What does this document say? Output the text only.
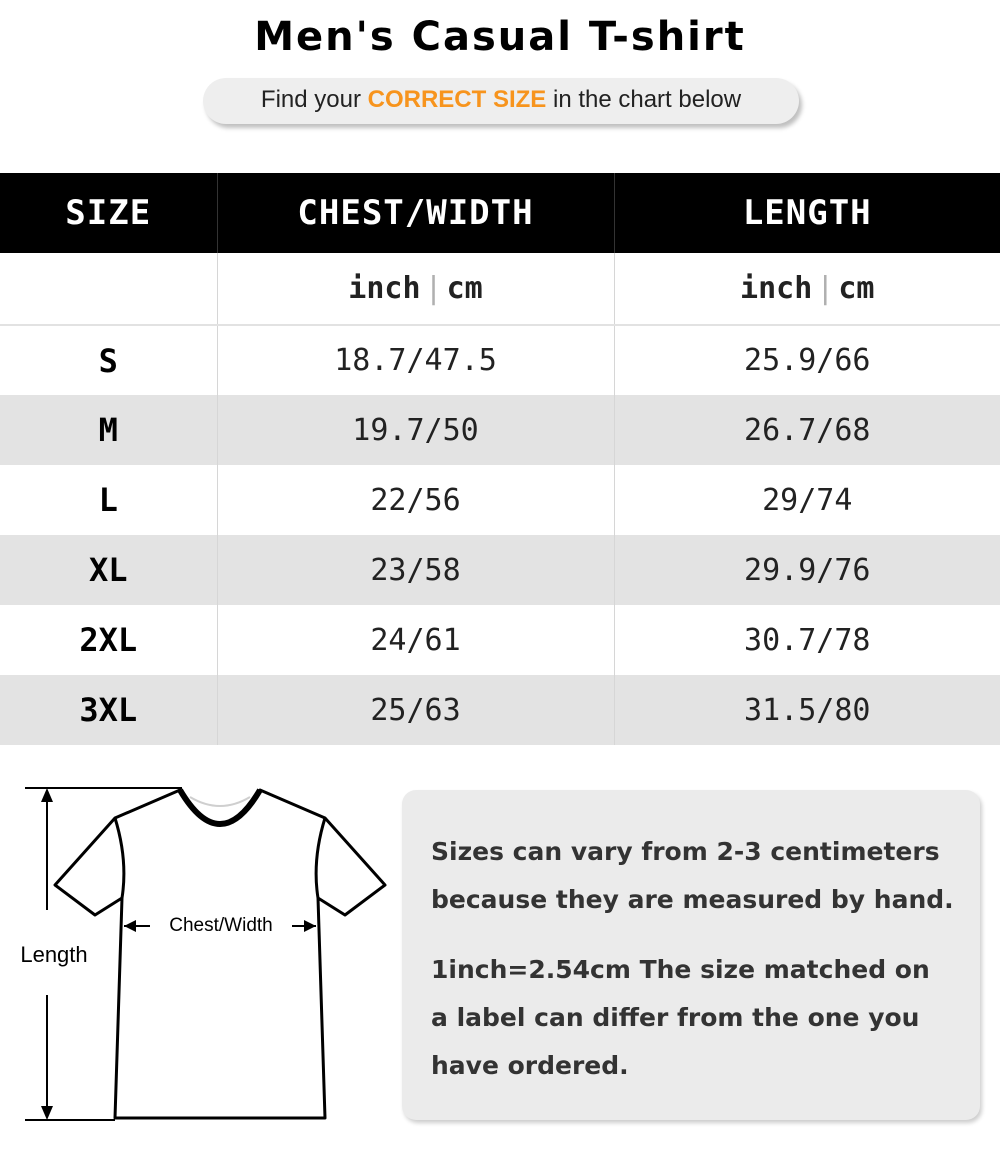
Men's Casual T-shirt
Find your CORRECT SIZE in the chart below
SIZE	CHEST/WIDTH	LENGTH
	inch | cm	inch | cm
S	18.7/47.5	25.9/66
M	19.7/50	26.7/68
L	22/56	29/74
XL	23/58	29.9/76
2XL	24/61	30.7/78
3XL	25/63	31.5/80
Length
Chest/Width

Sizes can vary from 2-3 centimeters because they are measured by hand.

1inch=2.54cm The size matched on a label can differ from the one you have ordered.
